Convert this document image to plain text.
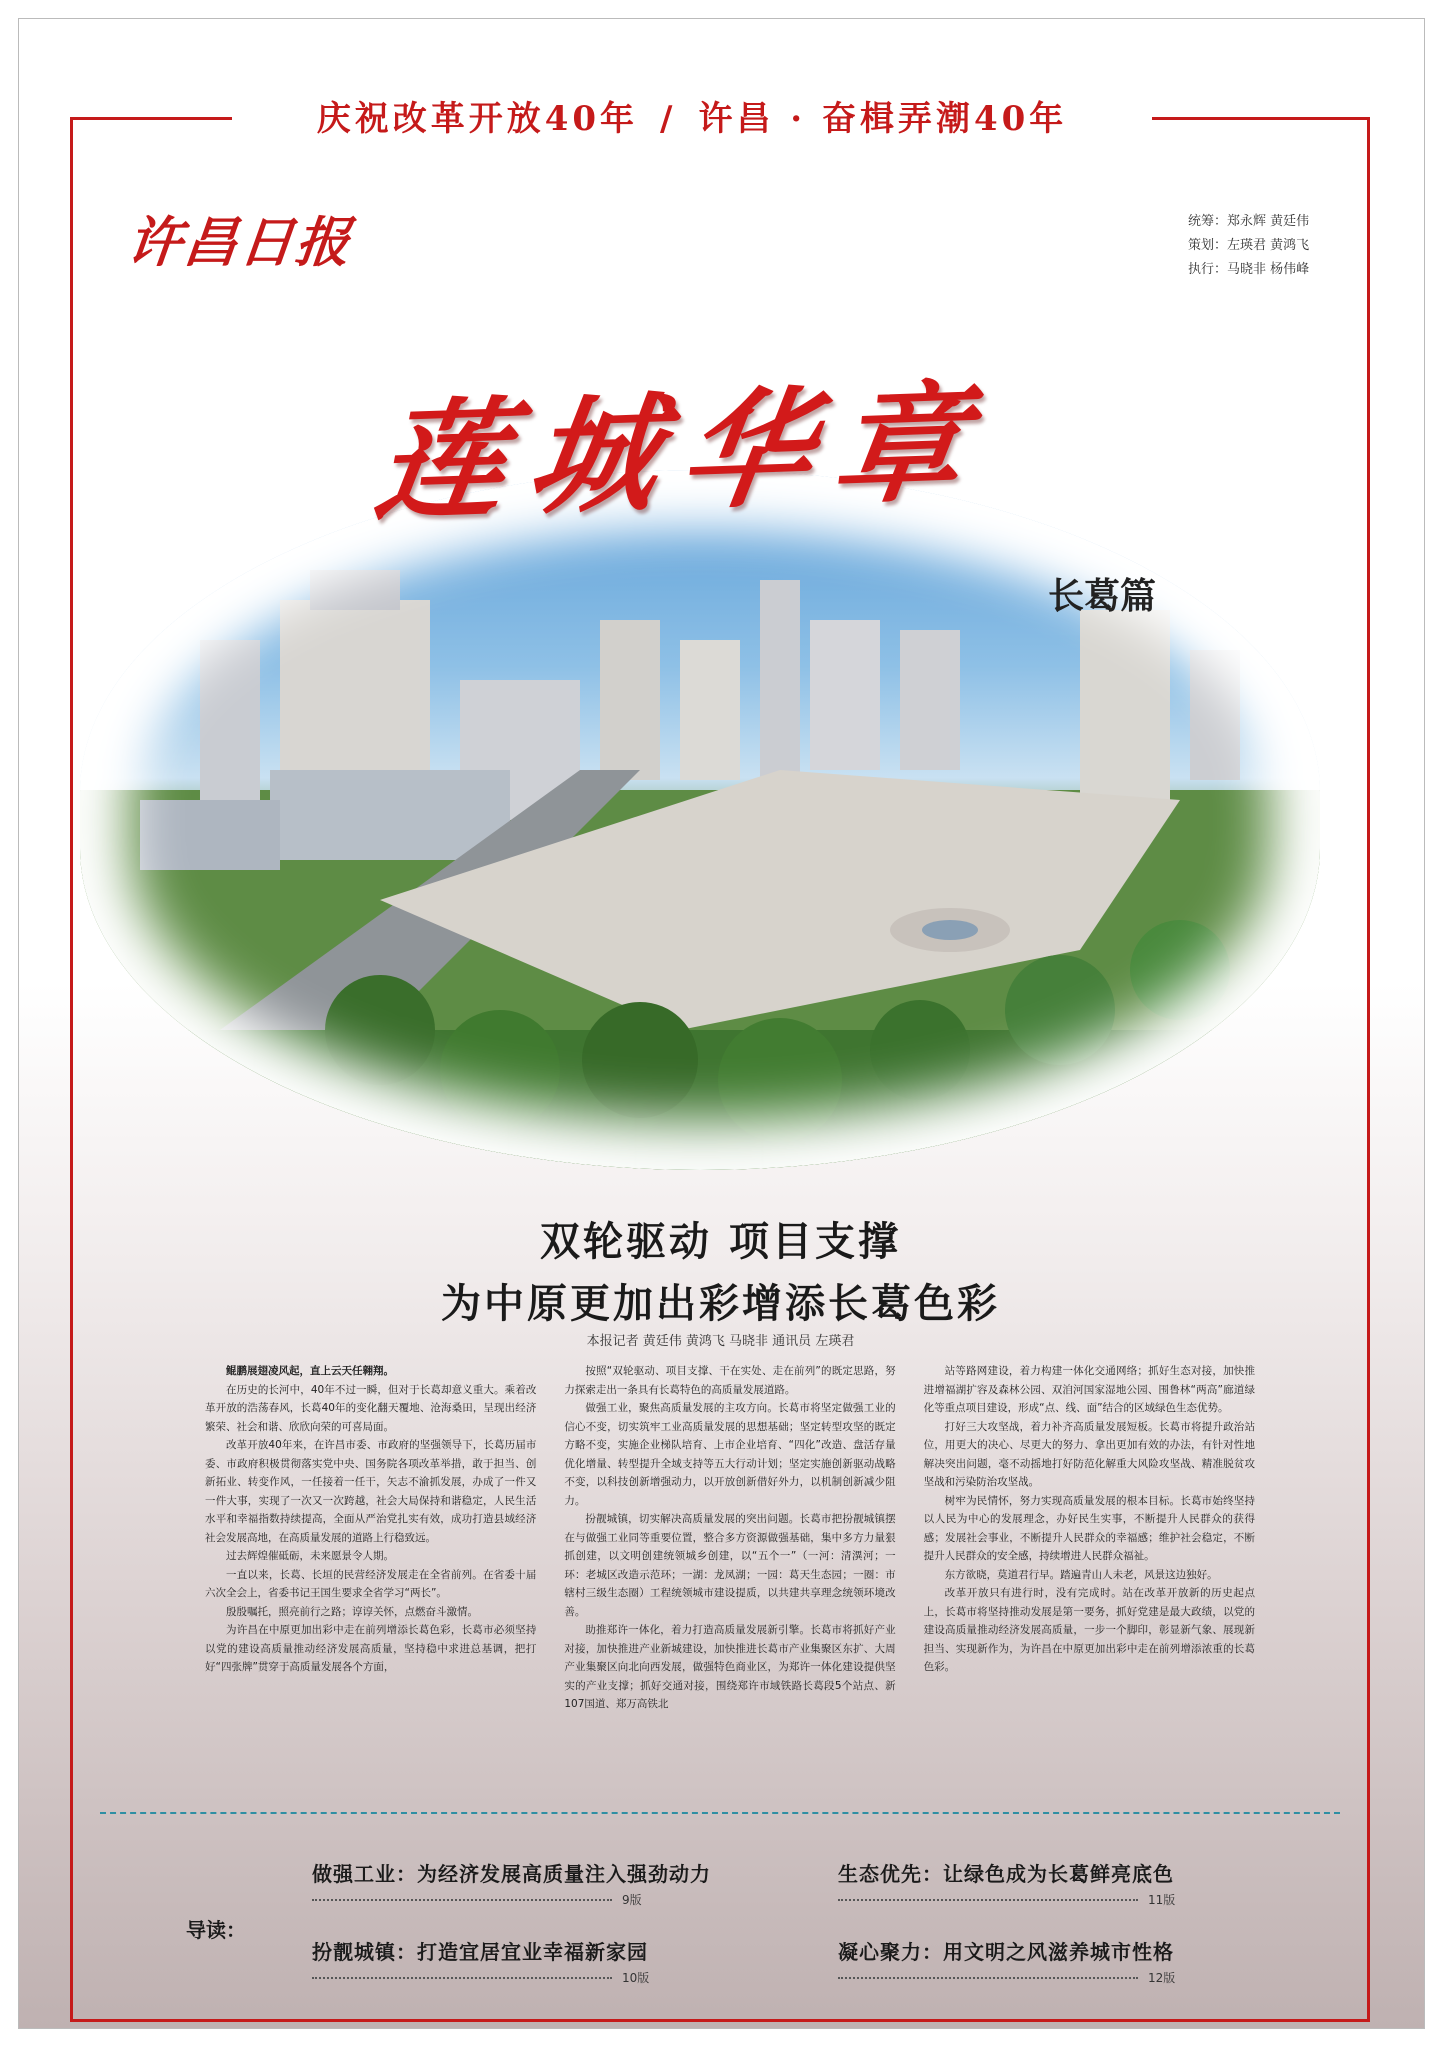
庆祝改革开放40年 / 许昌 · 奋楫弄潮40年
许昌日报	统筹：郑永辉 黄廷伟
策划：左瑛君 黄鸿飞
执行：马晓非 杨伟峰
莲城华章
长葛篇
双轮驱动 项目支撑
为中原更加出彩增添长葛色彩
本报记者 黄廷伟 黄鸿飞 马晓非 通讯员 左瑛君

鲲鹏展翅凌风起，直上云天任翱翔。

在历史的长河中，40年不过一瞬，但对于长葛却意义重大。乘着改革开放的浩荡春风，长葛40年的变化翻天覆地、沧海桑田，呈现出经济繁荣、社会和谐、欣欣向荣的可喜局面。

改革开放40年来，在许昌市委、市政府的坚强领导下，长葛历届市委、市政府积极贯彻落实党中央、国务院各项改革举措，敢于担当、创新拓业、转变作风，一任接着一任干，矢志不渝抓发展，办成了一件又一件大事，实现了一次又一次跨越，社会大局保持和谐稳定，人民生活水平和幸福指数持续提高，全面从严治党扎实有效，成功打造县域经济社会发展高地，在高质量发展的道路上行稳致远。

过去辉煌催砥砺，未来愿景令人期。

一直以来，长葛、长垣的民营经济发展走在全省前列。在省委十届六次全会上，省委书记王国生要求全省学习“两长”。

殷殷嘱托，照亮前行之路；谆谆关怀，点燃奋斗激情。

为许昌在中原更加出彩中走在前列增添长葛色彩，长葛市必须坚持以党的建设高质量推动经济发展高质量，坚持稳中求进总基调，把打好“四张牌”贯穿于高质量发展各个方面，

按照“双轮驱动、项目支撑、干在实处、走在前列”的既定思路，努力探索走出一条具有长葛特色的高质量发展道路。

做强工业，聚焦高质量发展的主攻方向。长葛市将坚定做强工业的信心不变，切实筑牢工业高质量发展的思想基础；坚定转型攻坚的既定方略不变，实施企业梯队培育、上市企业培育、“四化”改造、盘活存量优化增量、转型提升全域支持等五大行动计划；坚定实施创新驱动战略不变，以科技创新增强动力，以开放创新借好外力，以机制创新减少阻力。

扮靓城镇，切实解决高质量发展的突出问题。长葛市把扮靓城镇摆在与做强工业同等重要位置，整合多方资源做强基础，集中多方力量狠抓创建，以文明创建统领城乡创建，以“五个一”（一河：清潩河；一环：老城区改造示范环；一湖：龙凤湖；一园：葛天生态园；一圈：市辖村三级生态圈）工程统领城市建设提质，以共建共享理念统领环境改善。

助推郑许一体化，着力打造高质量发展新引擎。长葛市将抓好产业对接，加快推进产业新城建设，加快推进长葛市产业集聚区东扩、大周产业集聚区向北向西发展，做强特色商业区，为郑许一体化建设提供坚实的产业支撑；抓好交通对接，围绕郑许市域铁路长葛段5个站点、新107国道、郑万高铁北

站等路网建设，着力构建一体化交通网络；抓好生态对接，加快推进增福湖扩容及森林公园、双洎河国家湿地公园、围鲁林“两高”廊道绿化等重点项目建设，形成“点、线、面”结合的区域绿色生态优势。

打好三大攻坚战，着力补齐高质量发展短板。长葛市将提升政治站位，用更大的决心、尽更大的努力、拿出更加有效的办法，有针对性地解决突出问题，毫不动摇地打好防范化解重大风险攻坚战、精准脱贫攻坚战和污染防治攻坚战。

树牢为民情怀，努力实现高质量发展的根本目标。长葛市始终坚持以人民为中心的发展理念，办好民生实事，不断提升人民群众的获得感；发展社会事业，不断提升人民群众的幸福感；维护社会稳定，不断提升人民群众的安全感，持续增进人民群众福祉。

东方欲晓，莫道君行早。踏遍青山人未老，风景这边独好。

改革开放只有进行时，没有完成时。站在改革开放新的历史起点上，长葛市将坚持推动发展是第一要务，抓好党建是最大政绩，以党的建设高质量推动经济发展高质量，一步一个脚印，彰显新气象、展现新担当、实现新作为，为许昌在中原更加出彩中走在前列增添浓重的长葛色彩。

导读：
做强工业：为经济发展高质量注入强劲动力
9版
生态优先：让绿色成为长葛鲜亮底色
11版
扮靓城镇：打造宜居宜业幸福新家园
10版
凝心聚力：用文明之风滋养城市性格
12版
